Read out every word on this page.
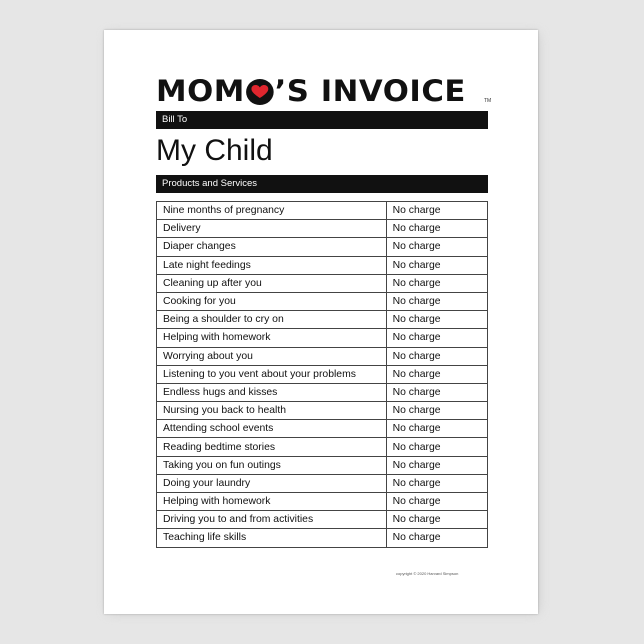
MOM ’S INVOICE	TM
Bill To
My Child
Products and Services
Nine months of pregnancy	No charge
Delivery	No charge
Diaper changes	No charge
Late night feedings	No charge
Cleaning up after you	No charge
Cooking for you	No charge
Being a shoulder to cry on	No charge
Helping with homework	No charge
Worrying about you	No charge
Listening to you vent about your problems	No charge
Endless hugs and kisses	No charge
Nursing you back to health	No charge
Attending school events	No charge
Reading bedtime stories	No charge
Taking you on fun outings	No charge
Doing your laundry	No charge
Helping with homework	No charge
Driving you to and from activities	No charge
Teaching life skills	No charge
copyright © 2020 Harvard Simpson
